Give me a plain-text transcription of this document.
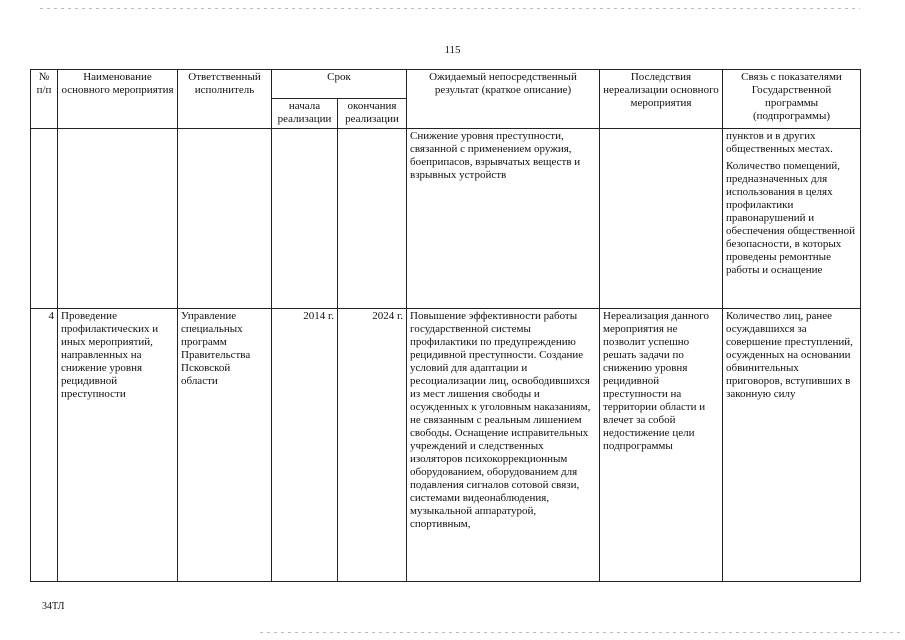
115
№ п/п	Наименование основного мероприятия	Ответственный исполнитель	Срок		Ожидаемый непосредственный результат (краткое описание)	Последствия нереализации основного мероприятия	Связь с показателями Государственной программы (подпрограммы)
			начала реализации	окончания реализации			

					Снижение уровня преступности, связанной с применением оружия, боеприпасов, взрывчатых веществ и взрывных устройств		пунктов и в других общественных местах.
Количество помещений, предназначенных для использования в целях профилактики правонарушений и обеспечения общественной безопасности, в которых проведены ремонтные работы и оснащение

4	Проведение профилактических и иных мероприятий, направленных на снижение уровня рецидивной преступности	Управление специальных программ Правительства Псковской области	2014 г.	2024 г.	Повышение эффективности работы государственной системы профилактики по предупреждению рецидивной преступности. Создание условий для адаптации и ресоциализации лиц, освободившихся из мест лишения свободы и осужденных к уголовным наказаниям, не связанным с реальным лишением свободы. Оснащение исправительных учреждений и следственных изоляторов психокоррекционным оборудованием, оборудованием для подавления сигналов сотовой связи, системами видеонаблюдения, музыкальной аппаратурой, спортивным,	Нереализация данного мероприятия не позволит успешно решать задачи по снижению уровня рецидивной преступности на территории области и влечет за собой недостижение цели подпрограммы	Количество лиц, ранее осуждавшихся за совершение преступлений, осужденных на основании обвинительных приговоров, вступивших в законную силу
34ТЛ
